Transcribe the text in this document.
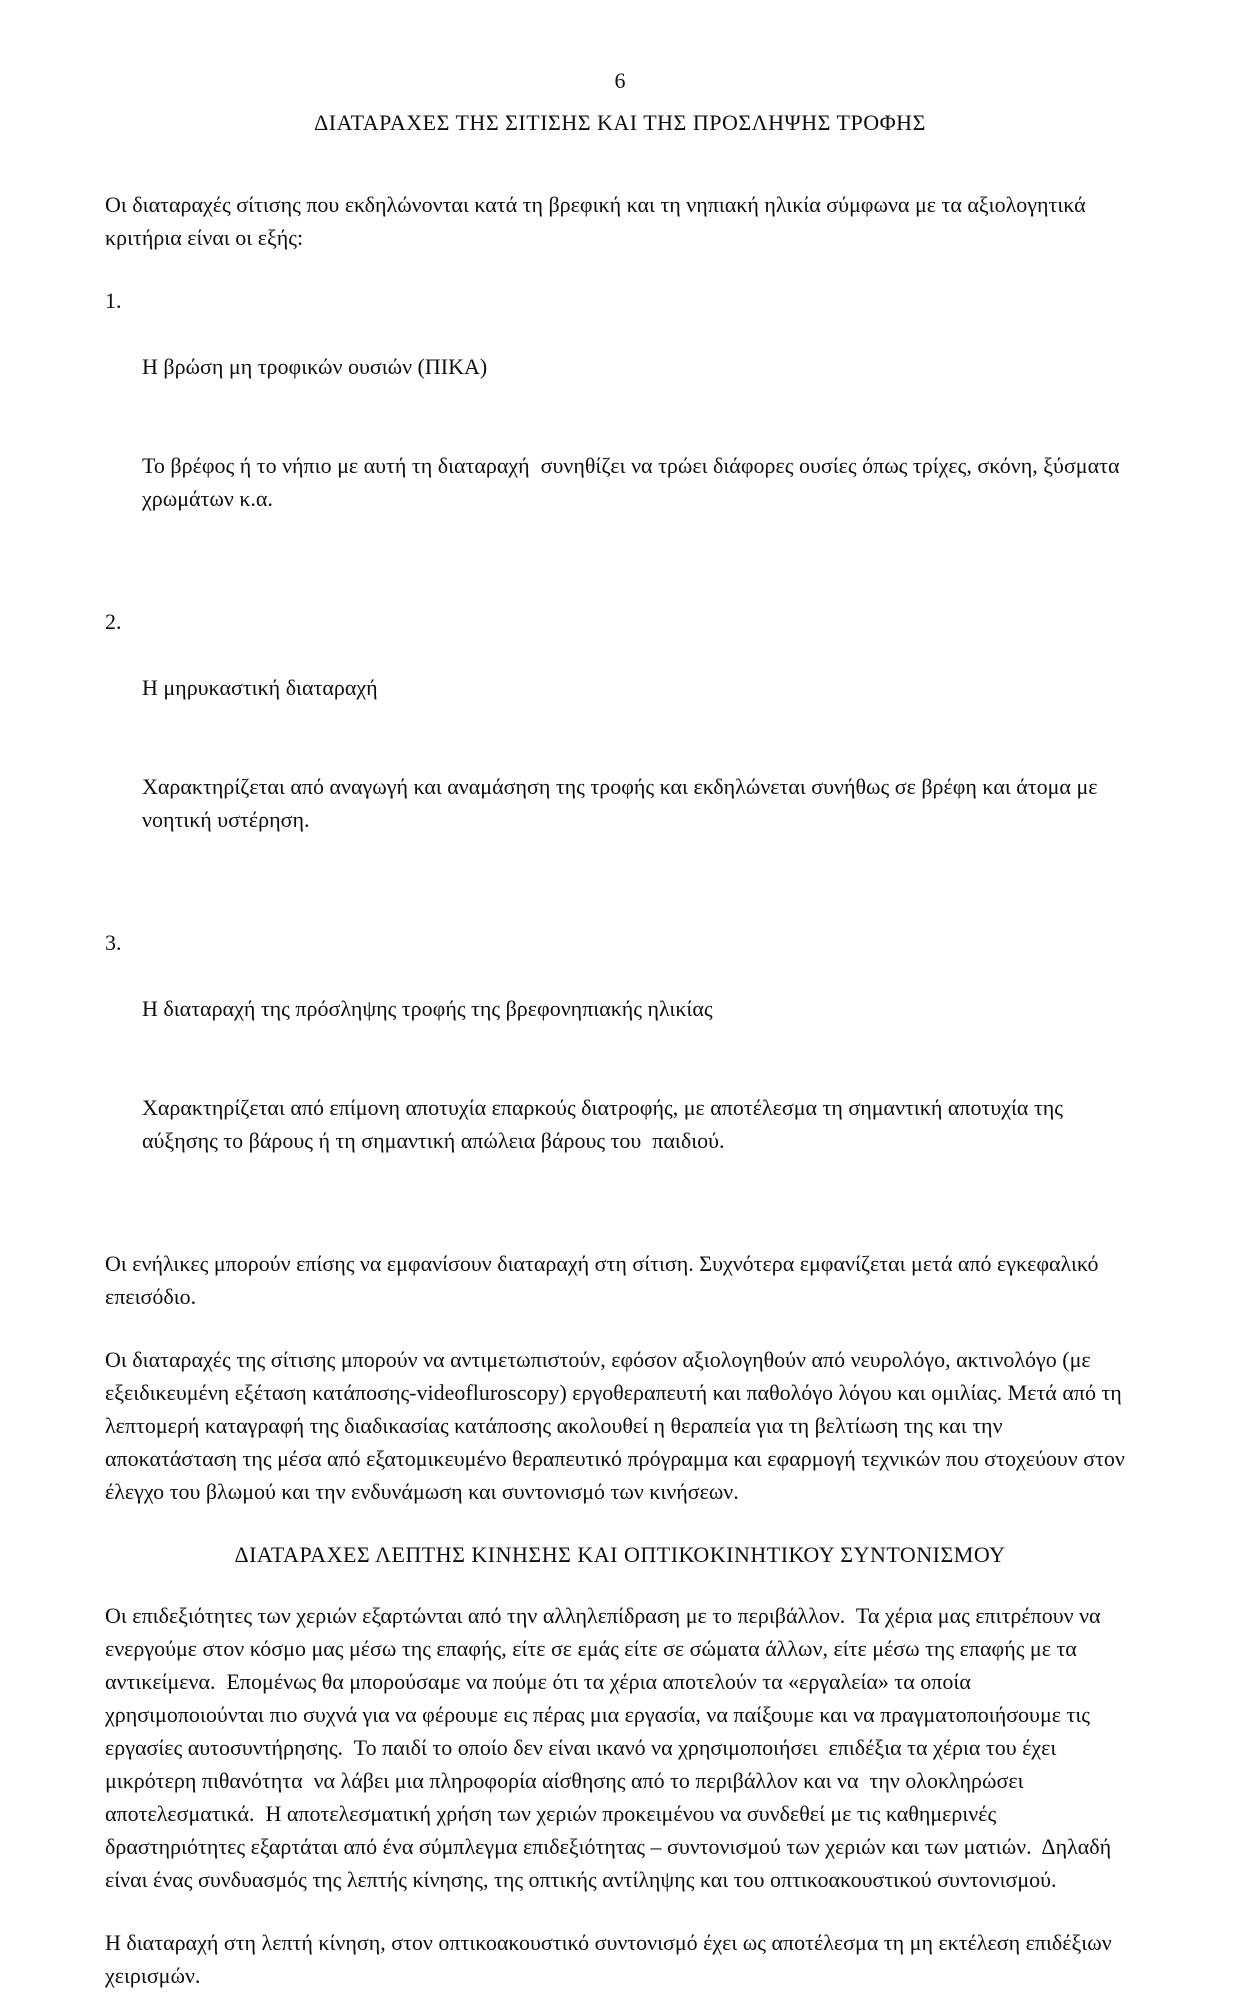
6
ΔΙΑΤΑΡΑΧΕΣ ΤΗΣ ΣΙΤΙΣΗΣ ΚΑΙ ΤΗΣ ΠΡΟΣΛΗΨΗΣ ΤΡΟΦΗΣ

Οι διαταραχές σίτισης που εκδηλώνονται κατά τη βρεφική και τη νηπιακή ηλικία σύμφωνα με τα αξιολογητικά κριτήρια είναι οι εξής:

1.

Η βρώση μη τροφικών ουσιών (ΠΙΚΑ)

Το βρέφος ή το νήπιο με αυτή τη διαταραχή  συνηθίζει να τρώει διάφορες ουσίες όπως τρίχες, σκόνη, ξύσματα χρωμάτων κ.α.

2.

Η μηρυκαστική διαταραχή

Χαρακτηρίζεται από αναγωγή και αναμάσηση της τροφής και εκδηλώνεται συνήθως σε βρέφη και άτομα με νοητική υστέρηση.

3.

Η διαταραχή της πρόσληψης τροφής της βρεφονηπιακής ηλικίας

Χαρακτηρίζεται από επίμονη αποτυχία επαρκούς διατροφής, με αποτέλεσμα τη σημαντική αποτυχία της αύξησης το βάρους ή τη σημαντική απώλεια βάρους του  παιδιού.

Οι ενήλικες μπορούν επίσης να εμφανίσουν διαταραχή στη σίτιση. Συχνότερα εμφανίζεται μετά από εγκεφαλικό επεισόδιο.

Οι διαταραχές της σίτισης μπορούν να αντιμετωπιστούν, εφόσον αξιολογηθούν από νευρολόγο, ακτινολόγο (με εξειδικευμένη εξέταση κατάποσης-videofluroscopy) εργοθεραπευτή και παθολόγο λόγου και ομιλίας. Μετά από τη λεπτομερή καταγραφή της διαδικασίας κατάποσης ακολουθεί η θεραπεία για τη βελτίωση της και την αποκατάσταση της μέσα από εξατομικευμένο θεραπευτικό πρόγραμμα και εφαρμογή τεχνικών που στοχεύουν στον έλεγχο του βλωμού και την ενδυνάμωση και συντονισμό των κινήσεων.

ΔΙΑΤΑΡΑΧΕΣ ΛΕΠΤΗΣ ΚΙΝΗΣΗΣ ΚΑΙ ΟΠΤΙΚΟΚΙΝΗΤΙΚΟΥ ΣΥΝΤΟΝΙΣΜΟΥ

Οι επιδεξιότητες των χεριών εξαρτώνται από την αλληλεπίδραση με το περιβάλλον.  Τα χέρια μας επιτρέπουν να ενεργούμε στον κόσμο μας μέσω της επαφής, είτε σε εμάς είτε σε σώματα άλλων, είτε μέσω της επαφής με τα αντικείμενα.  Επομένως θα μπορούσαμε να πούμε ότι τα χέρια αποτελούν τα «εργαλεία» τα οποία χρησιμοποιούνται πιο συχνά για να φέρουμε εις πέρας μια εργασία, να παίξουμε και να πραγματοποιήσουμε τις εργασίες αυτοσυντήρησης.  Το παιδί το οποίο δεν είναι ικανό να χρησιμοποιήσει  επιδέξια τα χέρια του έχει μικρότερη πιθανότητα  να λάβει μια πληροφορία αίσθησης από το περιβάλλον και να  την ολοκληρώσει αποτελεσματικά.  Η αποτελεσματική χρήση των χεριών προκειμένου να συνδεθεί με τις καθημερινές δραστηριότητες εξαρτάται από ένα σύμπλεγμα επιδεξιότητας – συντονισμού των χεριών και των ματιών.  Δηλαδή είναι ένας συνδυασμός της λεπτής κίνησης, της οπτικής αντίληψης και του οπτικοακουστικού συντονισμού.

Η διαταραχή στη λεπτή κίνηση, στον οπτικοακουστικό συντονισμό έχει ως αποτέλεσμα τη μη εκτέλεση επιδέξιων χειρισμών.
